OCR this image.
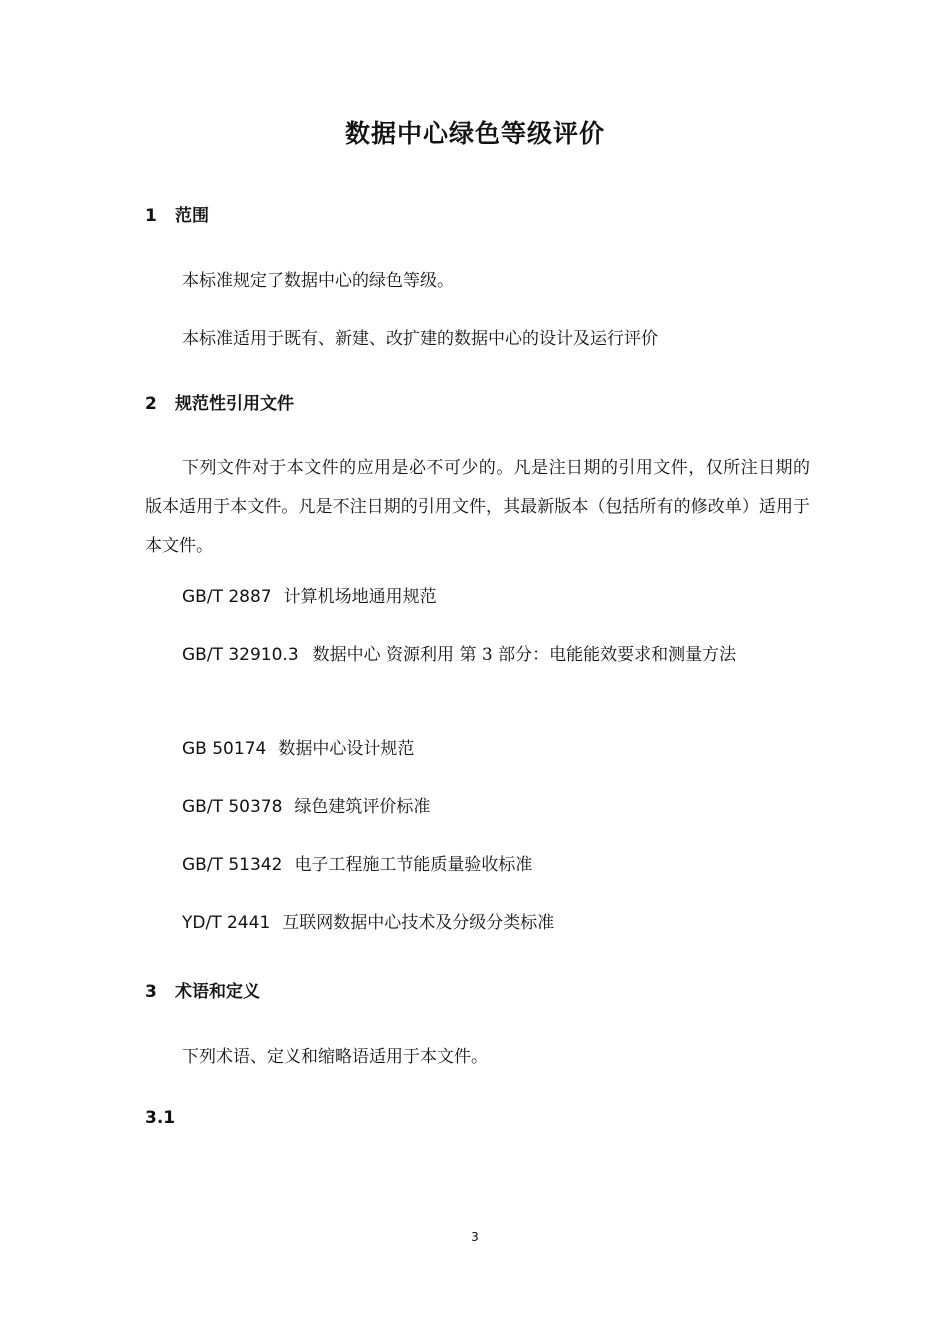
数据中心绿色等级评价
1 范围
本标准规定了数据中心的绿色等级。
本标准适用于既有、新建、改扩建的数据中心的设计及运行评价
2 规范性引用文件
下列文件对于本文件的应用是必不可少的。凡是注日期的引用文件，仅所注日期的版本适用于本文件。凡是不注日期的引用文件，其最新版本（包括所有的修改单）适用于本文件。
GB/T 2887 计算机场地通用规范
GB/T 32910.3 数据中心 资源利用 第 3 部分：电能能效要求和测量方法
GB 50174 数据中心设计规范
GB/T 50378 绿色建筑评价标准
GB/T 51342 电子工程施工节能质量验收标准
YD/T 2441 互联网数据中心技术及分级分类标准
3 术语和定义
下列术语、定义和缩略语适用于本文件。
3.1
3
